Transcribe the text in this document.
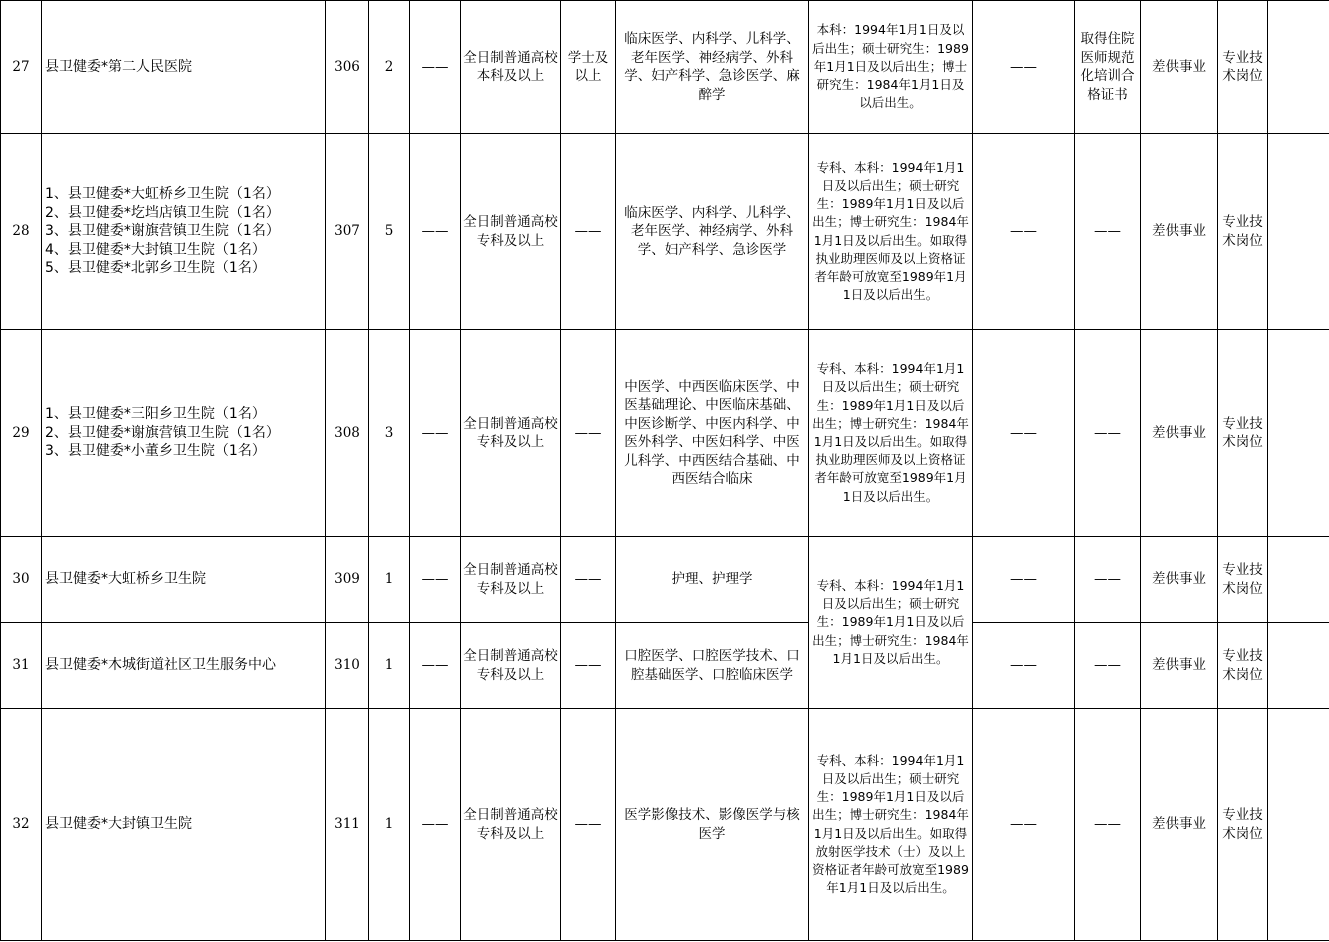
27	县卫健委*第二人民医院	306	2	——	全日制普通高校本科及以上	学士及以上	临床医学、内科学、儿科学、老年医学、神经病学、外科学、妇产科学、急诊医学、麻醉学	本科：1994年1月1日及以后出生；硕士研究生：1989年1月1日及以后出生；博士研究生：1984年1月1日及以后出生。	——	取得住院医师规范化培训合格证书	差供事业	专业技术岗位	
28	1、县卫健委*大虹桥乡卫生院（1名）
2、县卫健委*圪垱店镇卫生院（1名）
3、县卫健委*谢旗营镇卫生院（1名）
4、县卫健委*大封镇卫生院（1名）
5、县卫健委*北郭乡卫生院（1名）	307	5	——	全日制普通高校专科及以上	——	临床医学、内科学、儿科学、老年医学、神经病学、外科学、妇产科学、急诊医学	专科、本科：1994年1月1日及以后出生；硕士研究生：1989年1月1日及以后出生；博士研究生：1984年1月1日及以后出生。如取得执业助理医师及以上资格证者年龄可放宽至1989年1月1日及以后出生。	——	——	差供事业	专业技术岗位	
29	1、县卫健委*三阳乡卫生院（1名）
2、县卫健委*谢旗营镇卫生院（1名）
3、县卫健委*小董乡卫生院（1名）	308	3	——	全日制普通高校专科及以上	——	中医学、中西医临床医学、中医基础理论、中医临床基础、中医诊断学、中医内科学、中医外科学、中医妇科学、中医儿科学、中西医结合基础、中西医结合临床	专科、本科：1994年1月1日及以后出生；硕士研究生：1989年1月1日及以后出生；博士研究生：1984年1月1日及以后出生。如取得执业助理医师及以上资格证者年龄可放宽至1989年1月1日及以后出生。	——	——	差供事业	专业技术岗位	
30	县卫健委*大虹桥乡卫生院	309	1	——	全日制普通高校专科及以上	——	护理、护理学	专科、本科：1994年1月1日及以后出生；硕士研究生：1989年1月1日及以后出生；博士研究生：1984年1月1日及以后出生。	——	——	差供事业	专业技术岗位	
31	县卫健委*木城街道社区卫生服务中心	310	1	——	全日制普通高校专科及以上	——	口腔医学、口腔医学技术、口腔基础医学、口腔临床医学		——	——	差供事业	专业技术岗位	
32	县卫健委*大封镇卫生院	311	1	——	全日制普通高校专科及以上	——	医学影像技术、影像医学与核医学	专科、本科：1994年1月1日及以后出生；硕士研究生：1989年1月1日及以后出生；博士研究生：1984年1月1日及以后出生。如取得放射医学技术（士）及以上资格证者年龄可放宽至1989年1月1日及以后出生。	——	——	差供事业	专业技术岗位	
